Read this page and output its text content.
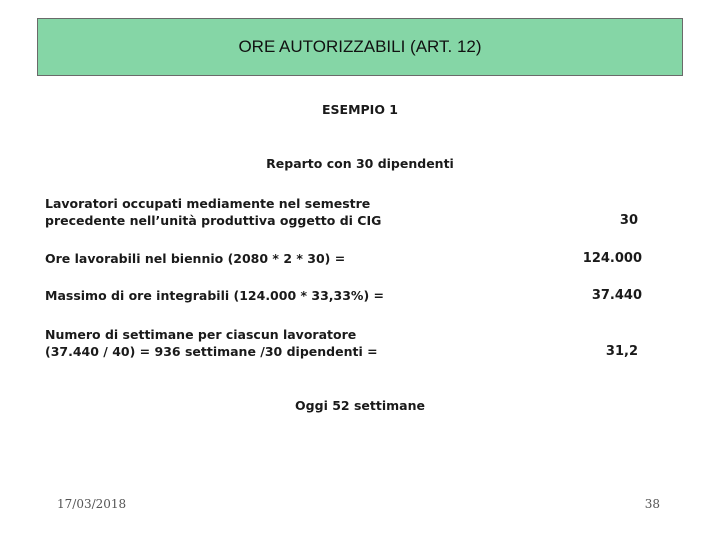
ORE AUTORIZZABILI (ART. 12)
ESEMPIO 1
Reparto con 30 dipendenti
Lavoratori occupati mediamente nel semestre
precedente nell’unità produttiva oggetto di CIG	30
Ore lavorabili nel biennio (2080 * 2 * 30) =	124.000
Massimo di ore integrabili (124.000 * 33,33%) =	37.440
Numero di settimane per ciascun lavoratore
(37.440 / 40) = 936 settimane /30 dipendenti =	31,2
Oggi 52 settimane
17/03/2018	38
